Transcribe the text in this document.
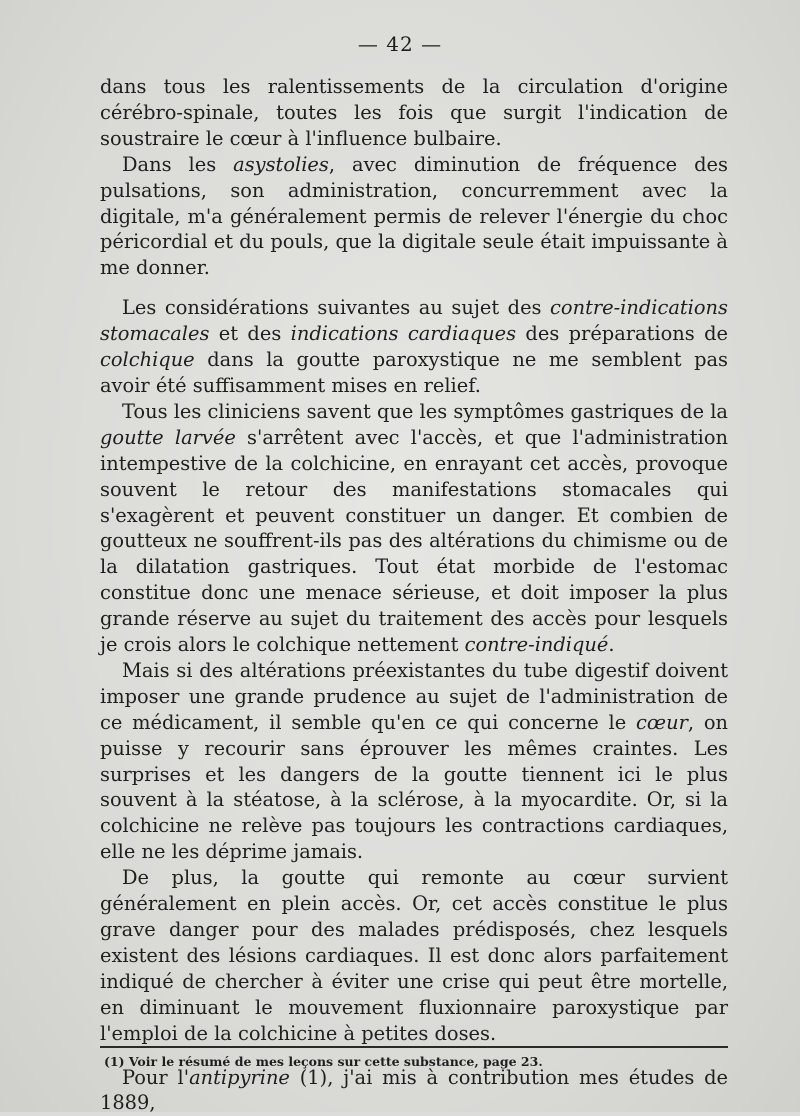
— 42 —

dans tous les ralentissements de la circulation d'origine cérébro-spinale, toutes les fois que surgit l'indication de soustraire le cœur à l'influence bulbaire.

Dans les asystolies, avec diminution de fréquence des pulsations, son administration, concurremment avec la digitale, m'a généralement permis de relever l'énergie du choc péricordial et du pouls, que la digitale seule était impuissante à me donner.

Les considérations suivantes au sujet des contre-indications stomacales et des indications cardiaques des préparations de colchique dans la goutte paroxystique ne me semblent pas avoir été suffisamment mises en relief.

Tous les cliniciens savent que les symptômes gastriques de la goutte larvée s'arrêtent avec l'accès, et que l'administration intempestive de la colchicine, en enrayant cet accès, provoque souvent le retour des manifestations stomacales qui s'exagèrent et peuvent constituer un danger. Et combien de goutteux ne souffrent-ils pas des altérations du chimisme ou de la dilatation gastriques. Tout état morbide de l'estomac constitue donc une menace sérieuse, et doit imposer la plus grande réserve au sujet du traitement des accès pour lesquels je crois alors le colchique nettement contre-indiqué.

Mais si des altérations préexistantes du tube digestif doivent imposer une grande prudence au sujet de l'administration de ce médicament, il semble qu'en ce qui concerne le cœur, on puisse y recourir sans éprouver les mêmes craintes. Les surprises et les dangers de la goutte tiennent ici le plus souvent à la stéatose, à la sclérose, à la myocardite. Or, si la colchicine ne relève pas toujours les contractions cardiaques, elle ne les déprime jamais.

De plus, la goutte qui remonte au cœur survient généralement en plein accès. Or, cet accès constitue le plus grave danger pour des malades prédisposés, chez lesquels existent des lésions cardiaques. Il est donc alors parfaitement indiqué de chercher à éviter une crise qui peut être mortelle, en diminuant le mouvement fluxionnaire paroxystique par l'emploi de la colchicine à petites doses.

Pour l'antipyrine (1), j'ai mis à contribution mes études de 1889,

(1) Voir le résumé de mes leçons sur cette substance, page 23.
